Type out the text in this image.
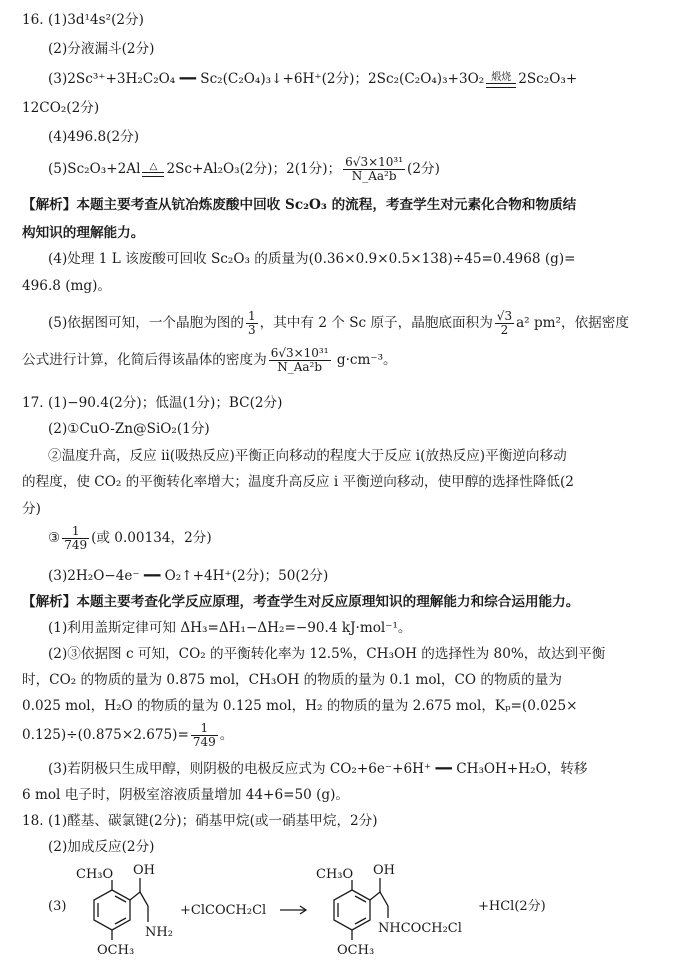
16. (1)3d¹4s²(2分)
(2)分液漏斗(2分)
(3)2Sc³⁺+3H₂C₂O₄ ━━ Sc₂(C₂O₄)₃↓+6H⁺(2分)；2Sc₂(C₂O₄)₃+3O₂ 煅烧 2Sc₂O₃+
12CO₂(2分)
(4)496.8(2分)
(5)Sc₂O₃+2Al △ 2Sc+Al₂O₃(2分)；2(1分)； $\frac{\text{6√3×10³¹}}{\text{N\_Aa²b}} (2$分)
【解析】本题主要考查从钪冶炼废酸中回收 Sc₂O₃ 的流程，考查学生对元素化合物和物质结
构知识的理解能力。
(4)处理 1 L 该废酸可回收 Sc₂O₃ 的质量为(0.36×0.9×0.5×138)÷45=0.4968 (g)=
496.8 (mg)。
(5)依据图可知，一个晶胞为图的 $\frac{1}{3}$ ，其中有 2 个 Sc 原子，晶胞底面积为 $\frac{√3}{2} a^2$ pm²，依据密度
公式进行计算，化简后得该晶体的密度为 $\frac{\text{6√3×10³¹}}{\text{N\_Aa²b}} g\cdot cm^{-3}$。
17. (1)−90.4(2分)；低温(1分)；BC(2分)
(2)①CuO-Zn@SiO₂(1分)
②温度升高，反应 ii(吸热反应)平衡正向移动的程度大于反应 i(放热反应)平衡逆向移动
的程度，使 CO₂ 的平衡转化率增大；温度升高反应 i 平衡逆向移动，使甲醇的选择性降低(2
分)
③ $\frac{1}{749}$ (或 0.00134，2分)
(3)2H₂O−4e⁻ ━━ O₂↑+4H⁺(2分)；50(2分)
【解析】本题主要考查化学反应原理，考查学生对反应原理知识的理解能力和综合运用能力。
(1)利用盖斯定律可知 ΔH₃=ΔH₁−ΔH₂=−90.4 kJ·mol⁻¹。
(2)③依据图 c 可知，CO₂ 的平衡转化率为 12.5%，CH₃OH 的选择性为 80%，故达到平衡
时，CO₂ 的物质的量为 0.875 mol，CH₃OH 的物质的量为 0.1 mol，CO 的物质的量为
0.025 mol，H₂O 的物质的量为 0.125 mol，H₂ 的物质的量为 2.675 mol，Kₚ=(0.025×
$0.125)\div(0.875\times 2.675)= \frac{1}{749}$ 。
(3)若阴极只生成甲醇，则阴极的电极反应式为 CO₂+6e⁻+6H⁺ ━━ CH₃OH+H₂O，转移
6 mol 电子时，阴极室溶液质量增加 44+6=50 (g)。
18. (1)醛基、碳氯键(2分)；硝基甲烷(或一硝基甲烷，2分)
(2)加成反应(2分)
(3)
CH₃O OH
NH₂
OCH₃
+ClCOCH₂Cl
CH₃O OH
NHCOCH₂Cl
OCH₃
+HCl(2分)
